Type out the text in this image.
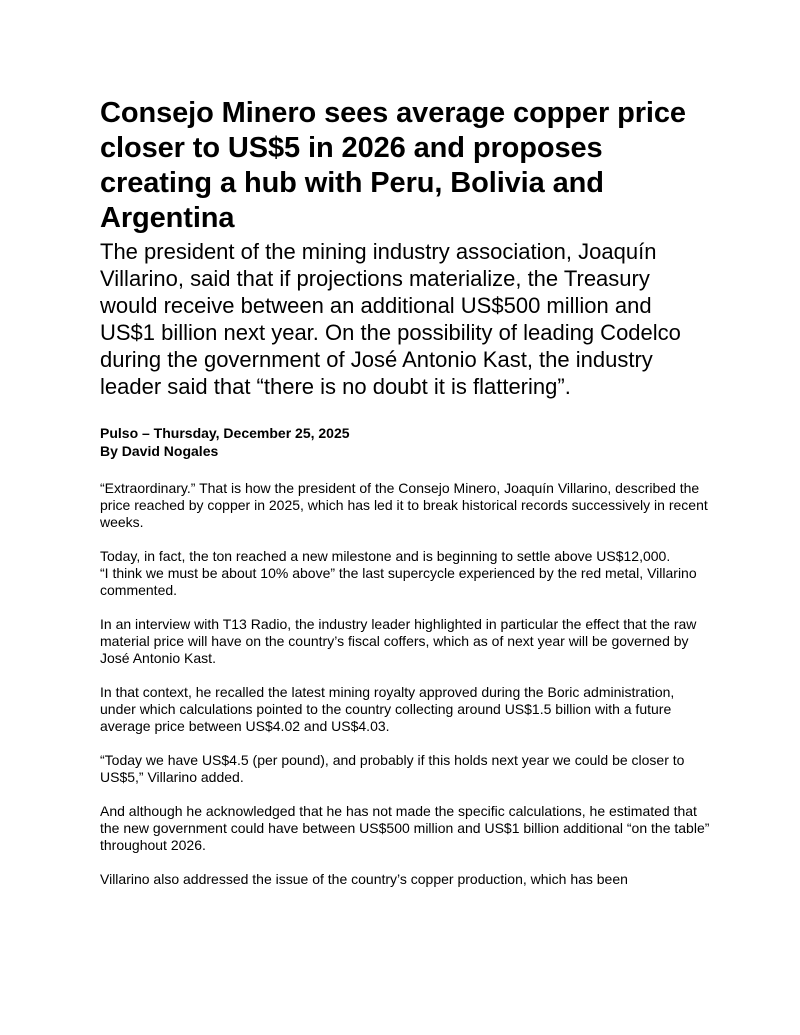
Consejo Minero sees average copper price closer to US$5 in 2026 and proposes creating a hub with Peru, Bolivia and Argentina
The president of the mining industry association, Joaquín Villarino, said that if projections materialize, the Treasury would receive between an additional US$500 million and US$1 billion next year. On the possibility of leading Codelco during the government of José Antonio Kast, the industry leader said that “there is no doubt it is flattering”.
Pulso – Thursday, December 25, 2025
By David Nogales

“Extraordinary.” That is how the president of the Consejo Minero, Joaquín Villarino, described the price reached by copper in 2025, which has led it to break historical records successively in recent weeks.

Today, in fact, the ton reached a new milestone and is beginning to settle above US$12,000.

“I think we must be about 10% above” the last supercycle experienced by the red metal, Villarino commented.

In an interview with T13 Radio, the industry leader highlighted in particular the effect that the raw material price will have on the country’s fiscal coffers, which as of next year will be governed by José Antonio Kast.

In that context, he recalled the latest mining royalty approved during the Boric administration, under which calculations pointed to the country collecting around US$1.5 billion with a future average price between US$4.02 and US$4.03.

“Today we have US$4.5 (per pound), and probably if this holds next year we could be closer to US$5,” Villarino added.

And although he acknowledged that he has not made the specific calculations, he estimated that the new government could have between US$500 million and US$1 billion additional “on the table” throughout 2026.

Villarino also addressed the issue of the country’s copper production, which has been
